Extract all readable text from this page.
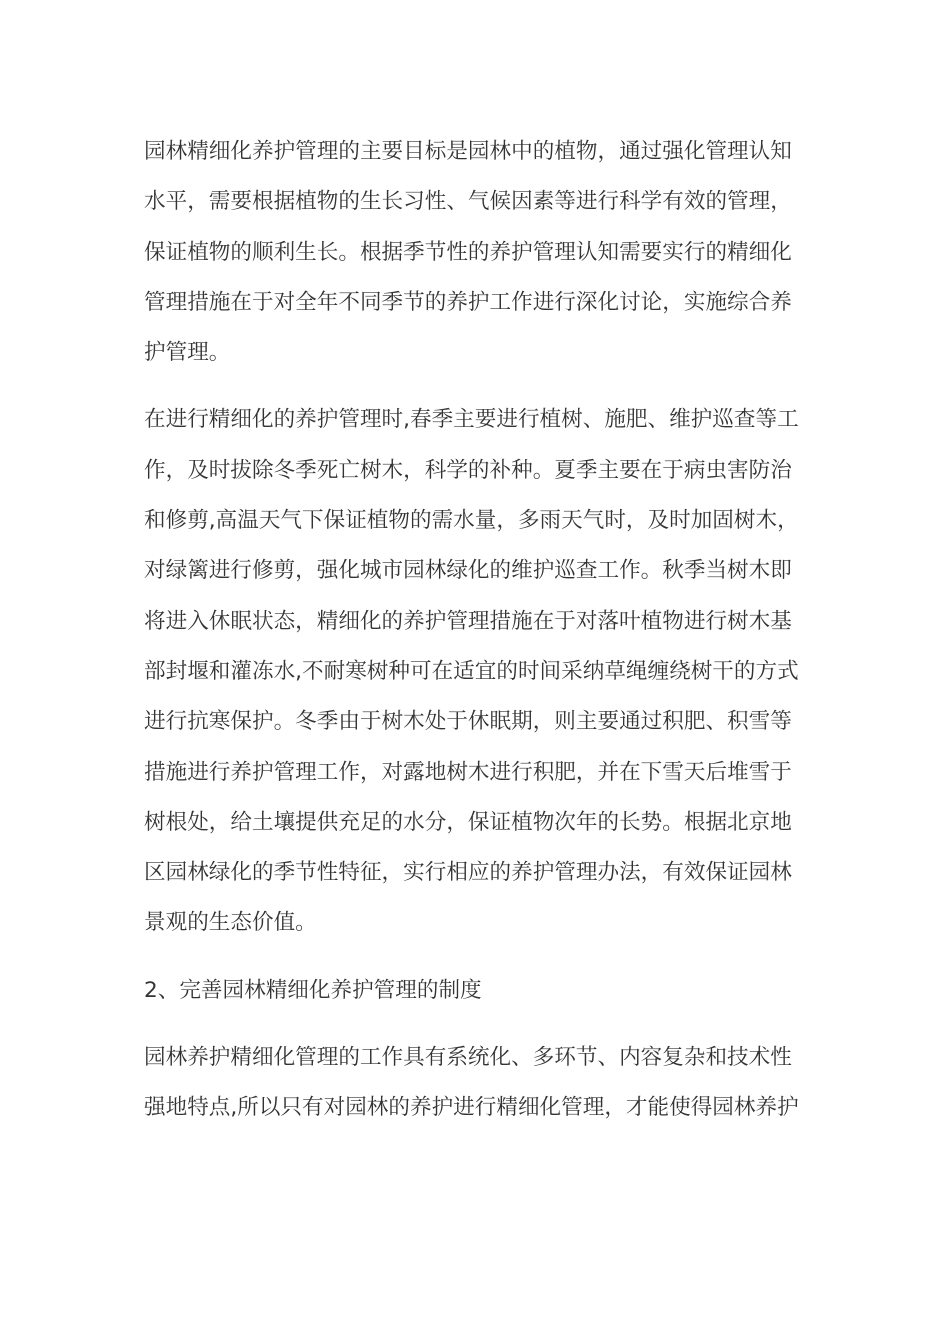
园林精细化养护管理的主要目标是园林中的植物，通过强化管理认知水平，需要根据植物的生长习性、气候因素等进行科学有效的管理，保证植物的顺利生长。根据季节性的养护管理认知需要实行的精细化管理措施在于对全年不同季节的养护工作进行深化讨论，实施综合养护管理。

在进行精细化的养护管理时,春季主要进行植树、施肥、维护巡查等工作，及时拔除冬季死亡树木，科学的补种。夏季主要在于病虫害防治和修剪,高温天气下保证植物的需水量，多雨天气时，及时加固树木，对绿篱进行修剪，强化城市园林绿化的维护巡查工作。秋季当树木即将进入休眠状态，精细化的养护管理措施在于对落叶植物进行树木基部封堰和灌冻水,不耐寒树种可在适宜的时间采纳草绳缠绕树干的方式进行抗寒保护。冬季由于树木处于休眠期，则主要通过积肥、积雪等措施进行养护管理工作，对露地树木进行积肥，并在下雪天后堆雪于树根处，给土壤提供充足的水分，保证植物次年的长势。根据北京地区园林绿化的季节性特征，实行相应的养护管理办法，有效保证园林景观的生态价值。

2、完善园林精细化养护管理的制度

园林养护精细化管理的工作具有系统化、多环节、内容复杂和技术性强地特点,所以只有对园林的养护进行精细化管理，才能使得园林养护
